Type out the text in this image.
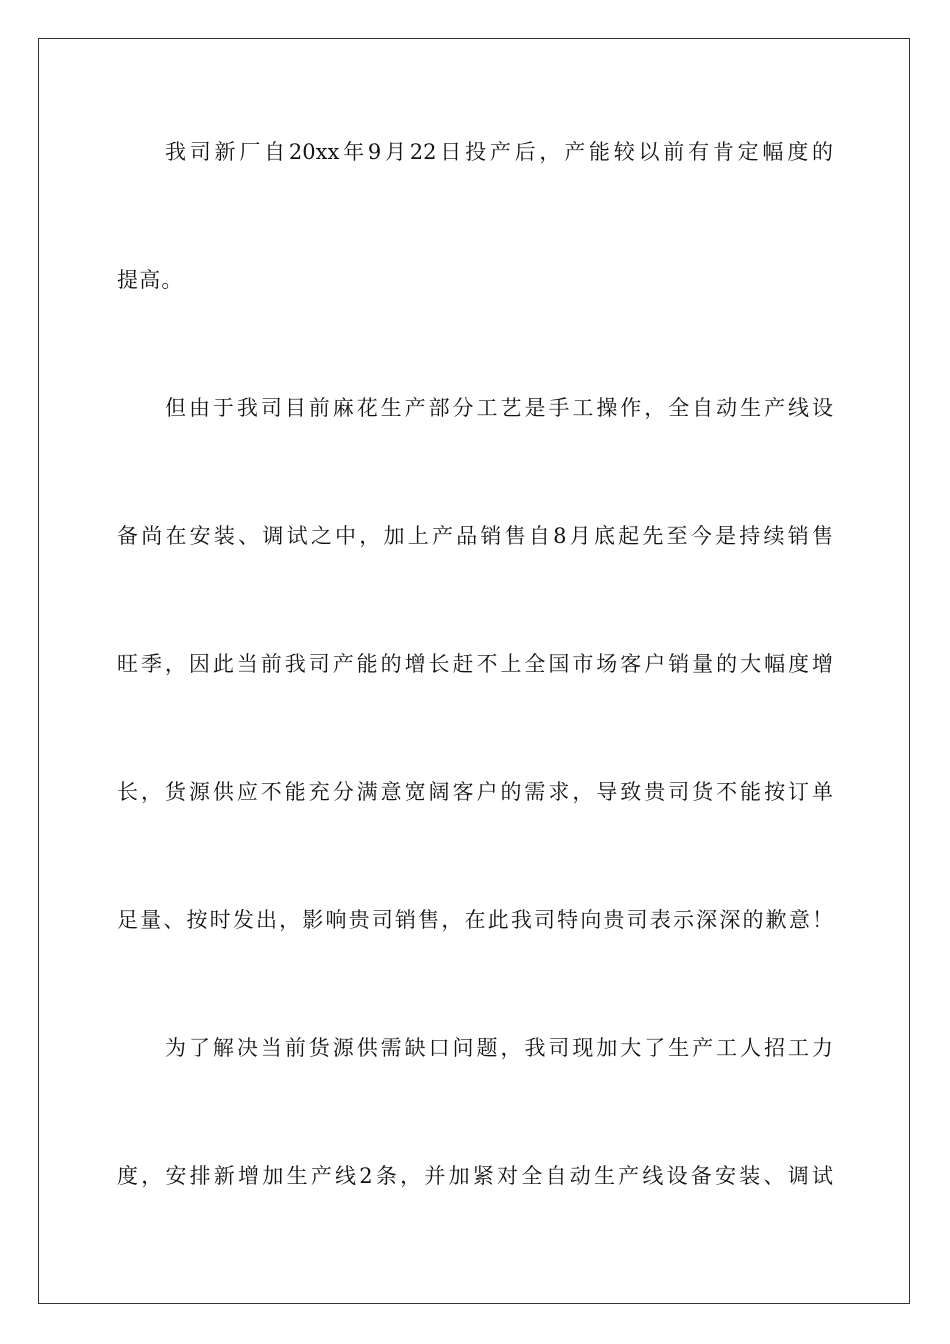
我司新厂自20xx年9月22日投产后，产能较以前有肯定幅度的
提高。
但由于我司目前麻花生产部分工艺是手工操作，全自动生产线设
备尚在安装、调试之中，加上产品销售自8月底起先至今是持续销售
旺季，因此当前我司产能的增长赶不上全国市场客户销量的大幅度增
长，货源供应不能充分满意宽阔客户的需求，导致贵司货不能按订单
足量、按时发出，影响贵司销售，在此我司特向贵司表示深深的歉意！
为了解决当前货源供需缺口问题，我司现加大了生产工人招工力
度，安排新增加生产线2条，并加紧对全自动生产线设备安装、调试
